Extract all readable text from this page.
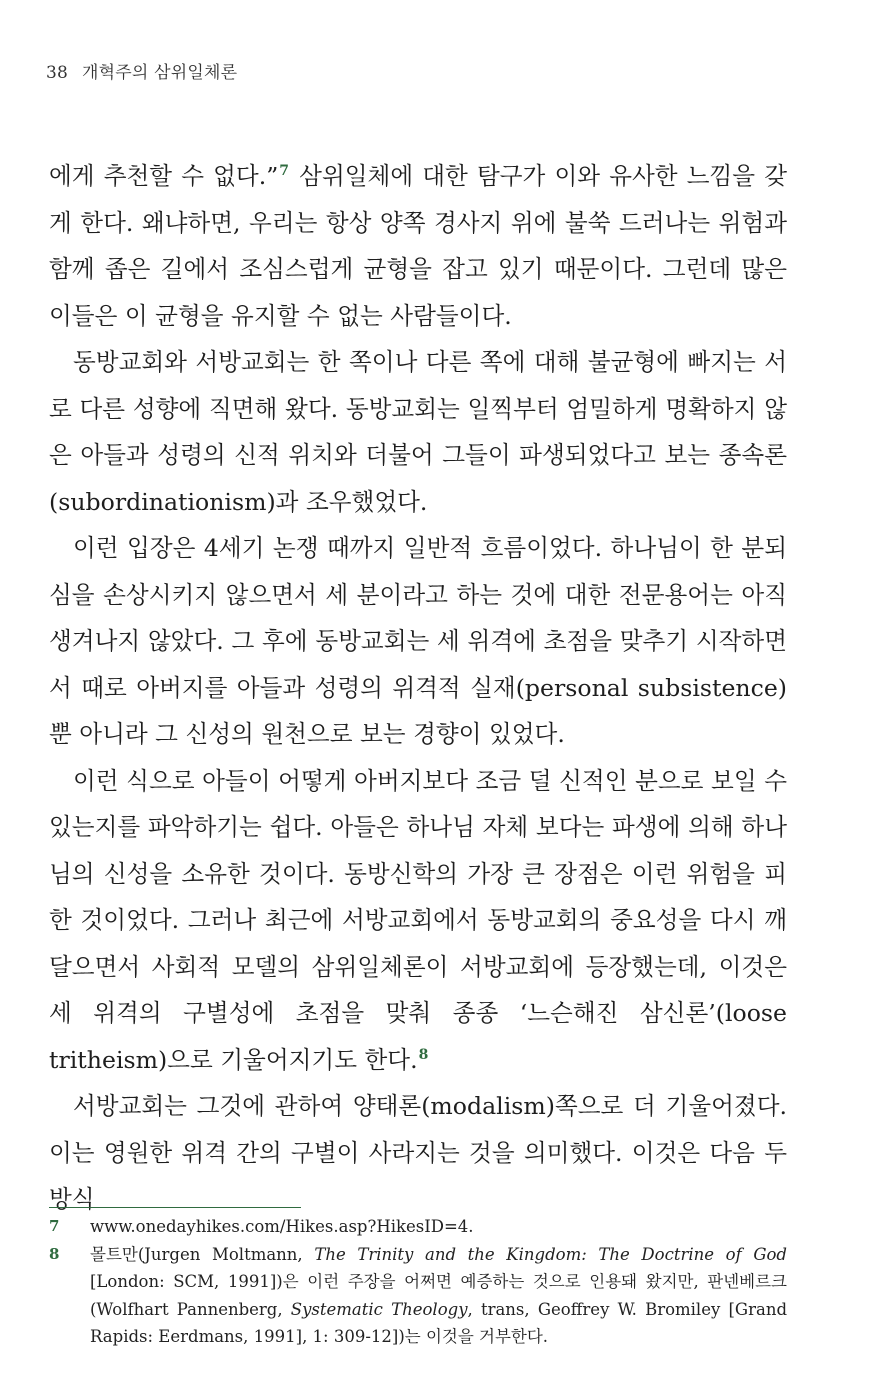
38 개혁주의 삼위일체론

에게 추천할 수 없다.”$^7$ 삼위일체에 대한 탐구가 이와 유사한 느낌을 갖게 한다. 왜냐하면, 우리는 항상 양쪽 경사지 위에 불쑥 드러나는 위험과 함께 좁은 길에서 조심스럽게 균형을 잡고 있기 때문이다. 그런데 많은 이들은 이 균형을 유지할 수 없는 사람들이다.

동방교회와 서방교회는 한 쪽이나 다른 쪽에 대해 불균형에 빠지는 서로 다른 성향에 직면해 왔다. 동방교회는 일찍부터 엄밀하게 명확하지 않은 아들과 성령의 신적 위치와 더불어 그들이 파생되었다고 보는 종속론(subordinationism)과 조우했었다.

이런 입장은 4세기 논쟁 때까지 일반적 흐름이었다. 하나님이 한 분되심을 손상시키지 않으면서 세 분이라고 하는 것에 대한 전문용어는 아직 생겨나지 않았다. 그 후에 동방교회는 세 위격에 초점을 맞추기 시작하면서 때로 아버지를 아들과 성령의 위격적 실재(personal subsistence)뿐 아니라 그 신성의 원천으로 보는 경향이 있었다.

이런 식으로 아들이 어떻게 아버지보다 조금 덜 신적인 분으로 보일 수 있는지를 파악하기는 쉽다. 아들은 하나님 자체 보다는 파생에 의해 하나님의 신성을 소유한 것이다. 동방신학의 가장 큰 장점은 이런 위험을 피한 것이었다. 그러나 최근에 서방교회에서 동방교회의 중요성을 다시 깨달으면서 사회적 모델의 삼위일체론이 서방교회에 등장했는데, 이것은 세 위격의 구별성에 초점을 맞춰 종종 ‘느슨해진 삼신론’(loose tritheism)으로 기울어지기도 한다.$^8$

서방교회는 그것에 관하여 양태론(modalism)쪽으로 더 기울어졌다. 이는 영원한 위격 간의 구별이 사라지는 것을 의미했다. 이것은 다음 두 방식

7	www.onedayhikes.com/Hikes.asp?HikesID=4.
8	몰트만(Jurgen Moltmann, The Trinity and the Kingdom: The Doctrine of God [London: SCM, 1991])은 이런 주장을 어쩌면 예증하는 것으로 인용돼 왔지만, 판넨베르크(Wolfhart Pannenberg, Systematic Theology, trans, Geoffrey W. Bromiley [Grand Rapids: Eerdmans, 1991], 1: 309-12])는 이것을 거부한다.
